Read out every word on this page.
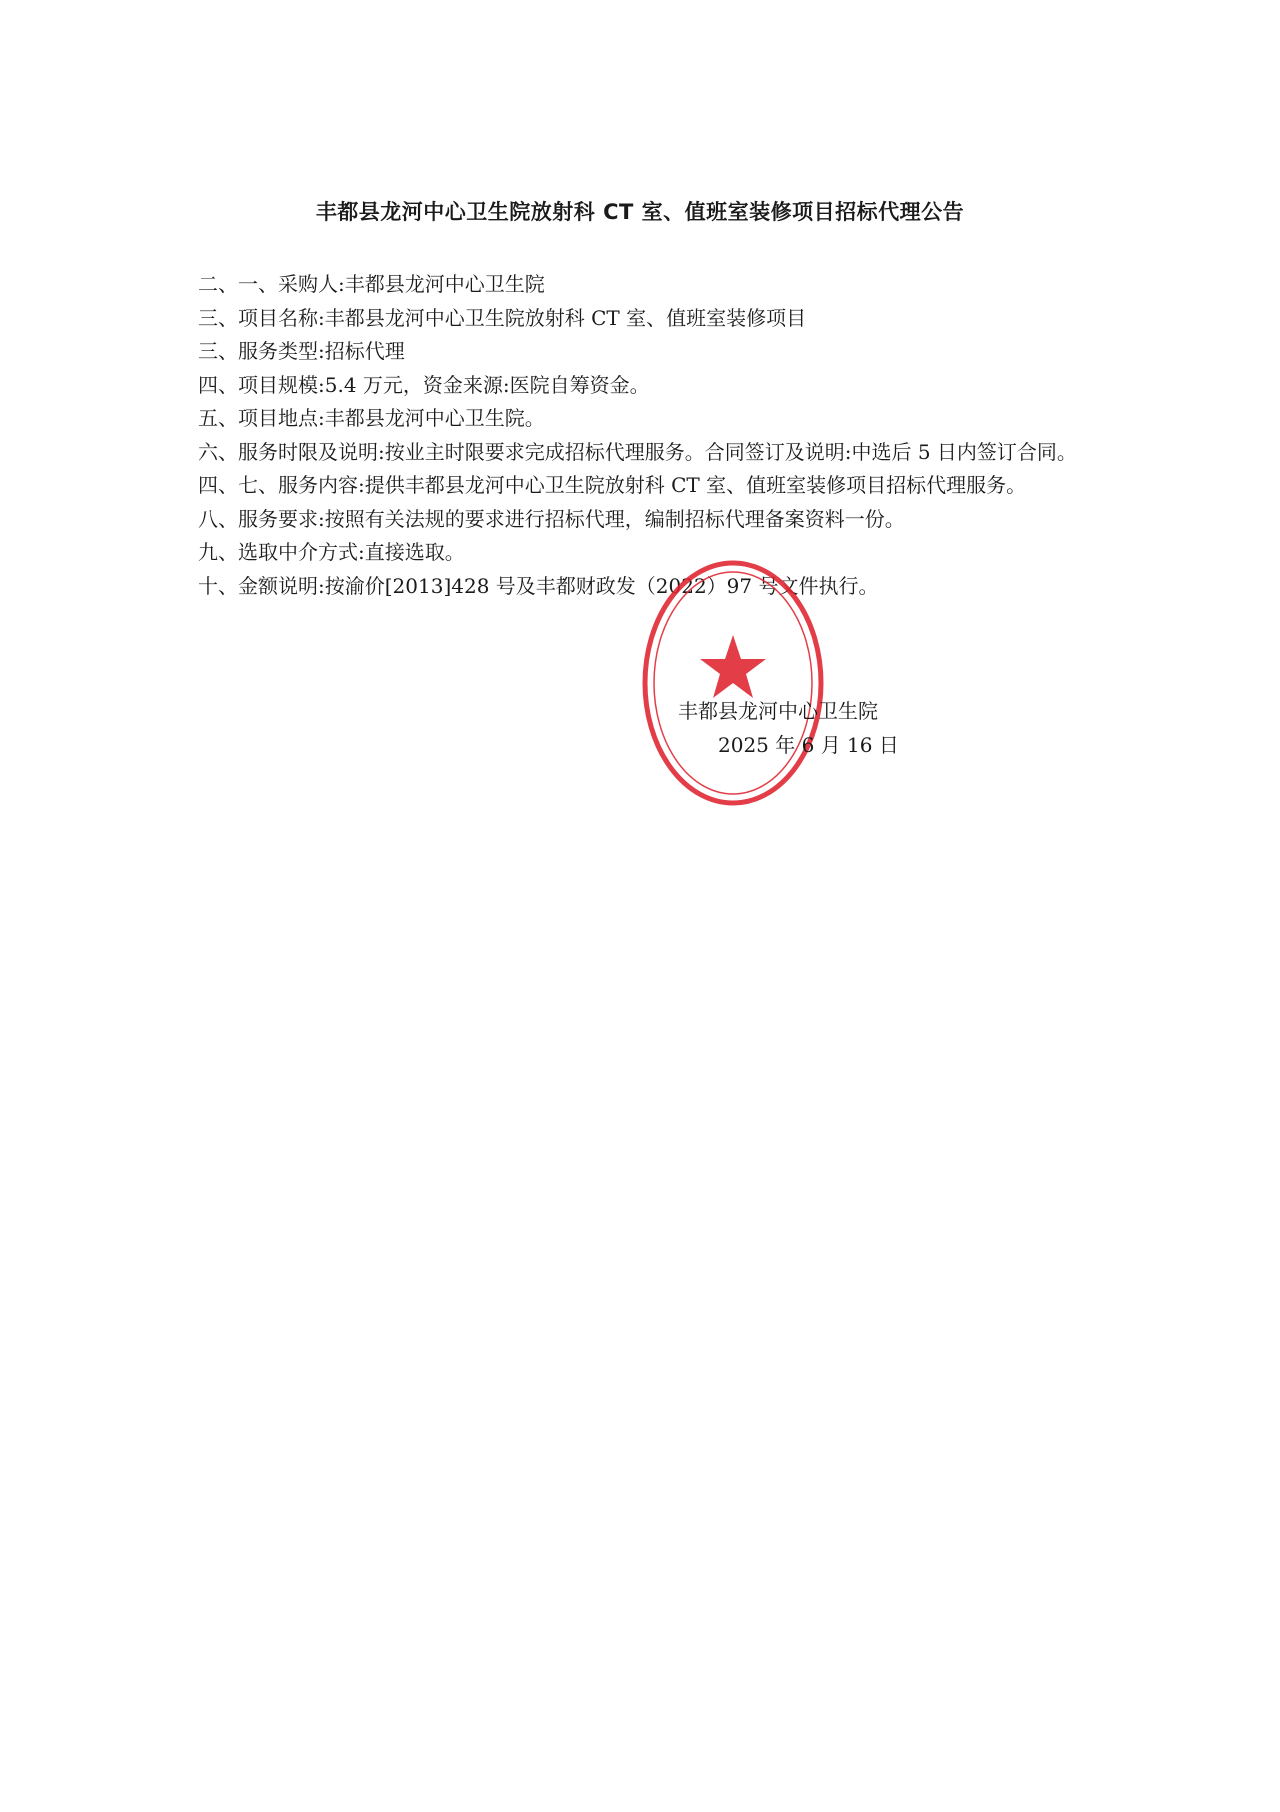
丰都县龙河中心卫生院放射科 CT 室、值班室装修项目招标代理公告
二、一、采购人:丰都县龙河中心卫生院
三、项目名称:丰都县龙河中心卫生院放射科 CT 室、值班室装修项目
三、服务类型:招标代理
四、项目规模:5.4 万元，资金来源:医院自筹资金。
五、项目地点:丰都县龙河中心卫生院。
六、服务时限及说明:按业主时限要求完成招标代理服务。合同签订及说明:中选后 5 日内签订合同。
四、七、服务内容:提供丰都县龙河中心卫生院放射科 CT 室、值班室装修项目招标代理服务。
八、服务要求:按照有关法规的要求进行招标代理，编制招标代理备案资料一份。
九、选取中介方式:直接选取。
十、金额说明:按渝价[2013]428 号及丰都财政发（2022）97 号文件执行。
丰都县龙河中心卫生院
2025 年 6 月 16 日
